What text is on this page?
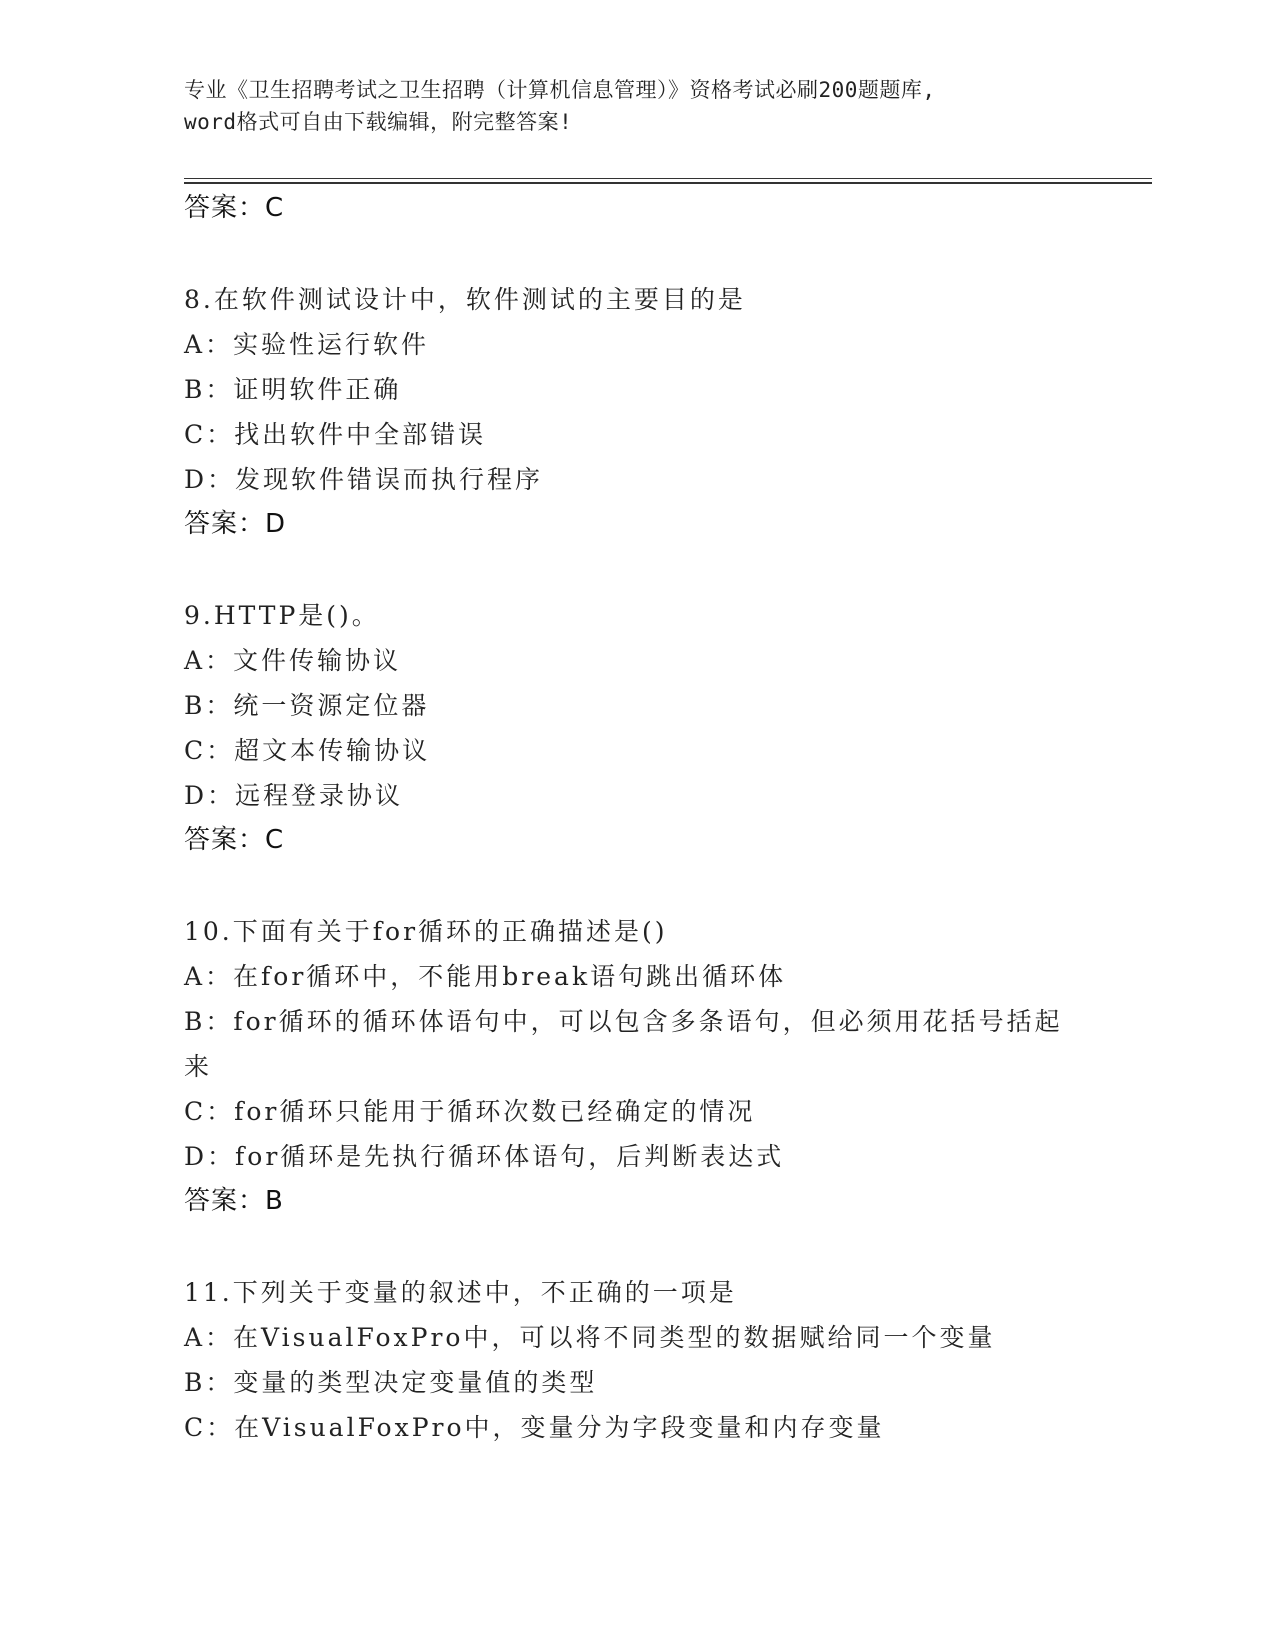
专业《卫生招聘考试之卫生招聘（计算机信息管理）》资格考试必刷200题题库,
word格式可自由下载编辑，附完整答案!
答案：C
8.在软件测试设计中，软件测试的主要目的是
A：实验性运行软件
B：证明软件正确
C：找出软件中全部错误
D：发现软件错误而执行程序
答案：D
9.HTTP是()。
A：文件传输协议
B：统一资源定位器
C：超文本传输协议
D：远程登录协议
答案：C
10.下面有关于for循环的正确描述是()
A：在for循环中，不能用break语句跳出循环体
B：for循环的循环体语句中，可以包含多条语句，但必须用花括号括起来
C：for循环只能用于循环次数已经确定的情况
D：for循环是先执行循环体语句，后判断表达式
答案：B
11.下列关于变量的叙述中，不正确的一项是
A：在VisualFoxPro中，可以将不同类型的数据赋给同一个变量
B：变量的类型决定变量值的类型
C：在VisualFoxPro中，变量分为字段变量和内存变量
